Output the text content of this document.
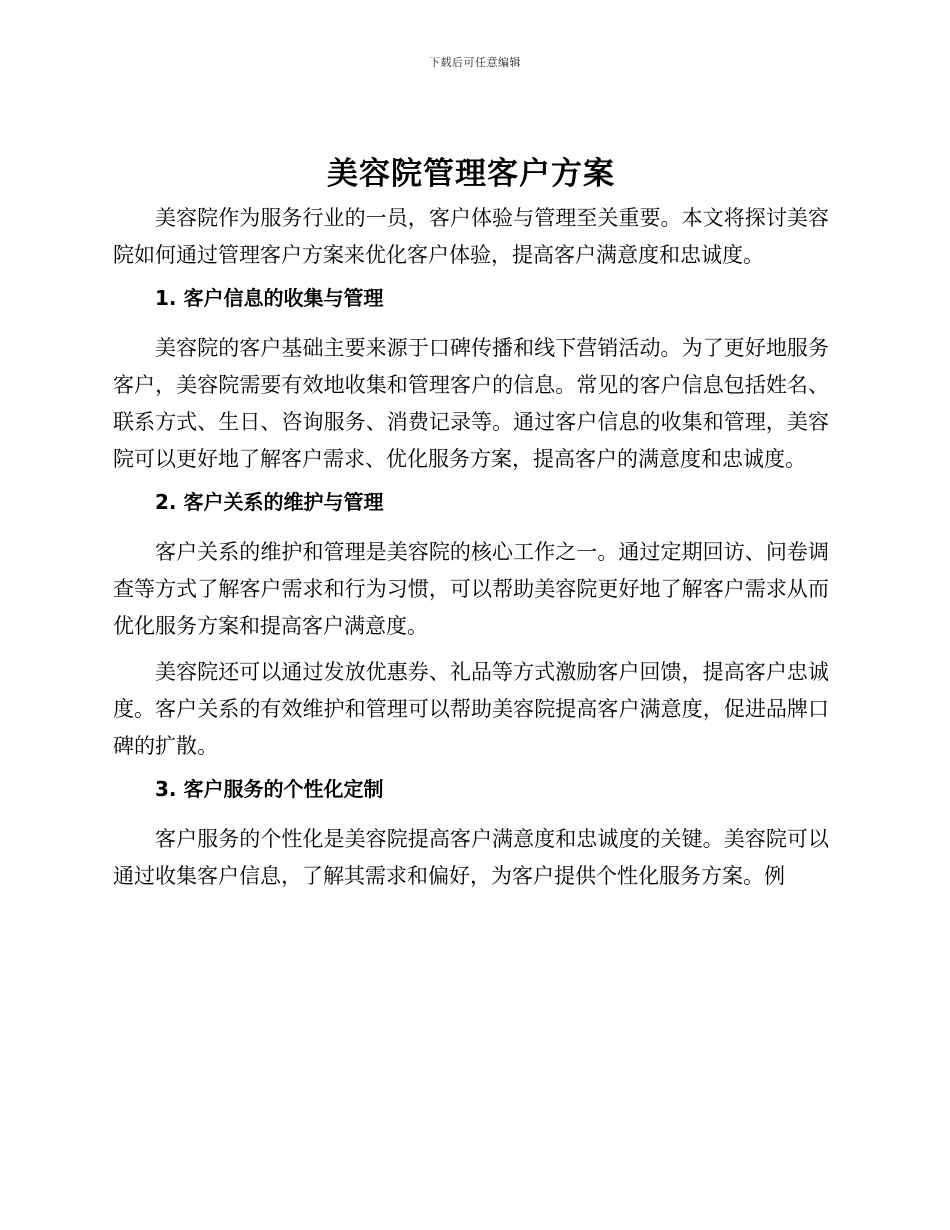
下载后可任意编辑
美容院管理客户方案

美容院作为服务行业的一员，客户体验与管理至关重要。本文将探讨美容院如何通过管理客户方案来优化客户体验，提高客户满意度和忠诚度。

1. 客户信息的收集与管理

美容院的客户基础主要来源于口碑传播和线下营销活动。为了更好地服务客户，美容院需要有效地收集和管理客户的信息。常见的客户信息包括姓名、联系方式、生日、咨询服务、消费记录等。通过客户信息的收集和管理，美容院可以更好地了解客户需求、优化服务方案，提高客户的满意度和忠诚度。

2. 客户关系的维护与管理

客户关系的维护和管理是美容院的核心工作之一。通过定期回访、问卷调查等方式了解客户需求和行为习惯，可以帮助美容院更好地了解客户需求从而优化服务方案和提高客户满意度。

美容院还可以通过发放优惠券、礼品等方式激励客户回馈，提高客户忠诚度。客户关系的有效维护和管理可以帮助美容院提高客户满意度，促进品牌口碑的扩散。

3. 客户服务的个性化定制

客户服务的个性化是美容院提高客户满意度和忠诚度的关键。美容院可以通过收集客户信息，了解其需求和偏好，为客户提供个性化服务方案。例
